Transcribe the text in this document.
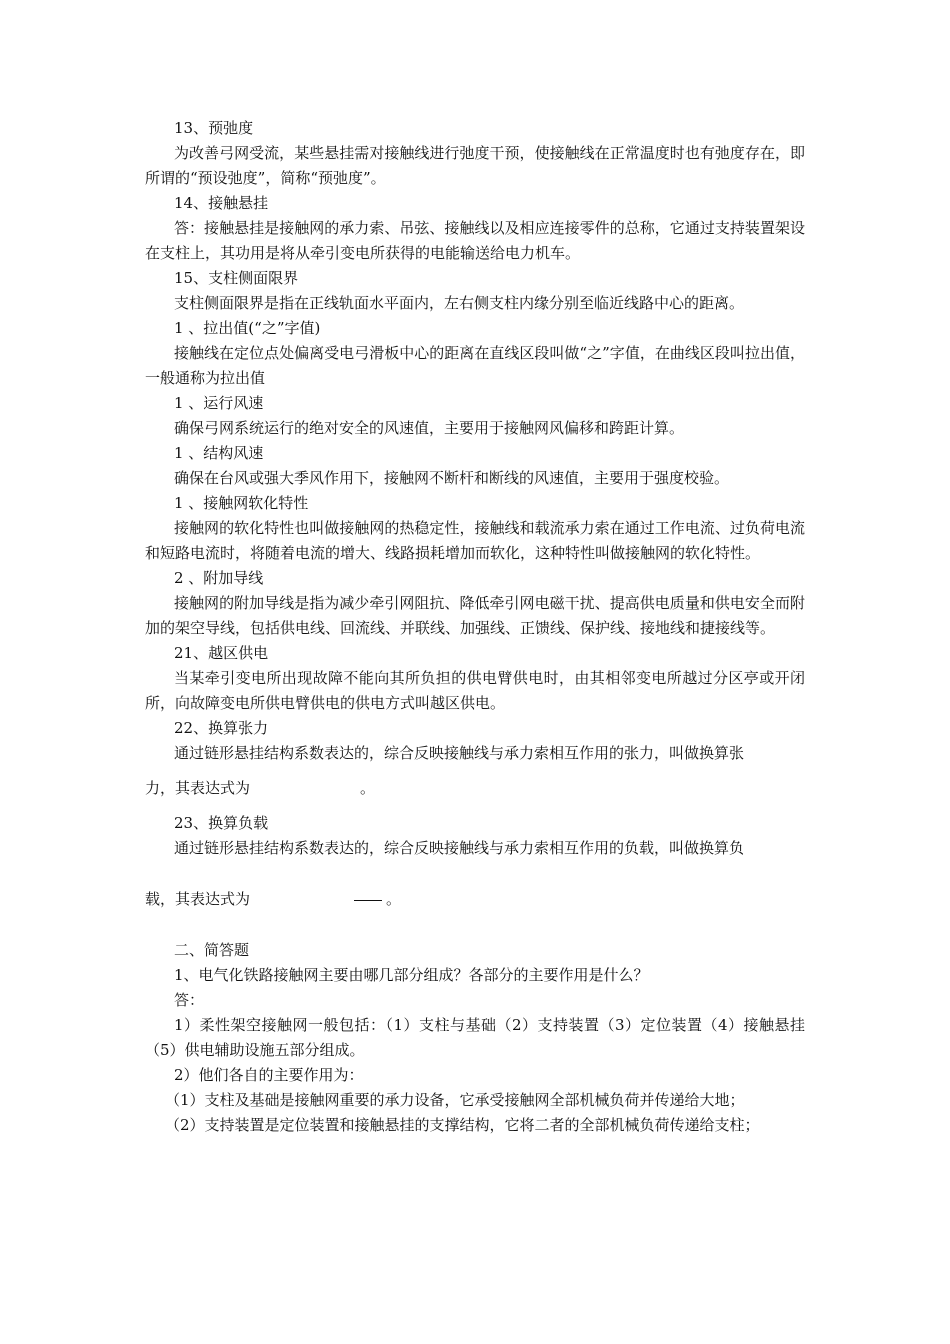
13、预弛度

为改善弓网受流，某些悬挂需对接触线进行弛度干预，使接触线在正常温度时也有弛度存在，即所谓的“预设弛度”，简称“预弛度”。

14、接触悬挂

答：接触悬挂是接触网的承力索、吊弦、接触线以及相应连接零件的总称，它通过支持装置架设在支柱上，其功用是将从牵引变电所获得的电能输送给电力机车。

15、支柱侧面限界

支柱侧面限界是指在正线轨面水平面内，左右侧支柱内缘分别至临近线路中心的距离。

1 、拉出值(“之”字值)

接触线在定位点处偏离受电弓滑板中心的距离在直线区段叫做“之”字值，在曲线区段叫拉出值，一般通称为拉出值

1 、运行风速

确保弓网系统运行的绝对安全的风速值，主要用于接触网风偏移和跨距计算。

1 、结构风速

确保在台风或强大季风作用下，接触网不断杆和断线的风速值，主要用于强度校验。

1 、接触网软化特性

接触网的软化特性也叫做接触网的热稳定性，接触线和载流承力索在通过工作电流、过负荷电流和短路电流时，将随着电流的增大、线路损耗增加而软化，这种特性叫做接触网的软化特性。

2 、附加导线

接触网的附加导线是指为减少牵引网阻抗、降低牵引网电磁干扰、提高供电质量和供电安全而附加的架空导线，包括供电线、回流线、并联线、加强线、正馈线、保护线、接地线和捷接线等。

21、越区供电

当某牵引变电所出现故障不能向其所负担的供电臂供电时，由其相邻变电所越过分区亭或开闭所，向故障变电所供电臂供电的供电方式叫越区供电。

22、换算张力

通过链形悬挂结构系数表达的，综合反映接触线与承力索相互作用的张力，叫做换算张

力，其表达式为	。

23、换算负载

通过链形悬挂结构系数表达的，综合反映接触线与承力索相互作用的负载，叫做换算负

载，其表达式为	。

二、简答题

1、电气化铁路接触网主要由哪几部分组成？各部分的主要作用是什么？

答：

1）柔性架空接触网一般包括：（1）支柱与基础（2）支持装置（3）定位装置（4）接触悬挂（5）供电辅助设施五部分组成。

2）他们各自的主要作用为：

（1）支柱及基础是接触网重要的承力设备，它承受接触网全部机械负荷并传递给大地；

（2）支持装置是定位装置和接触悬挂的支撑结构，它将二者的全部机械负荷传递给支柱；
